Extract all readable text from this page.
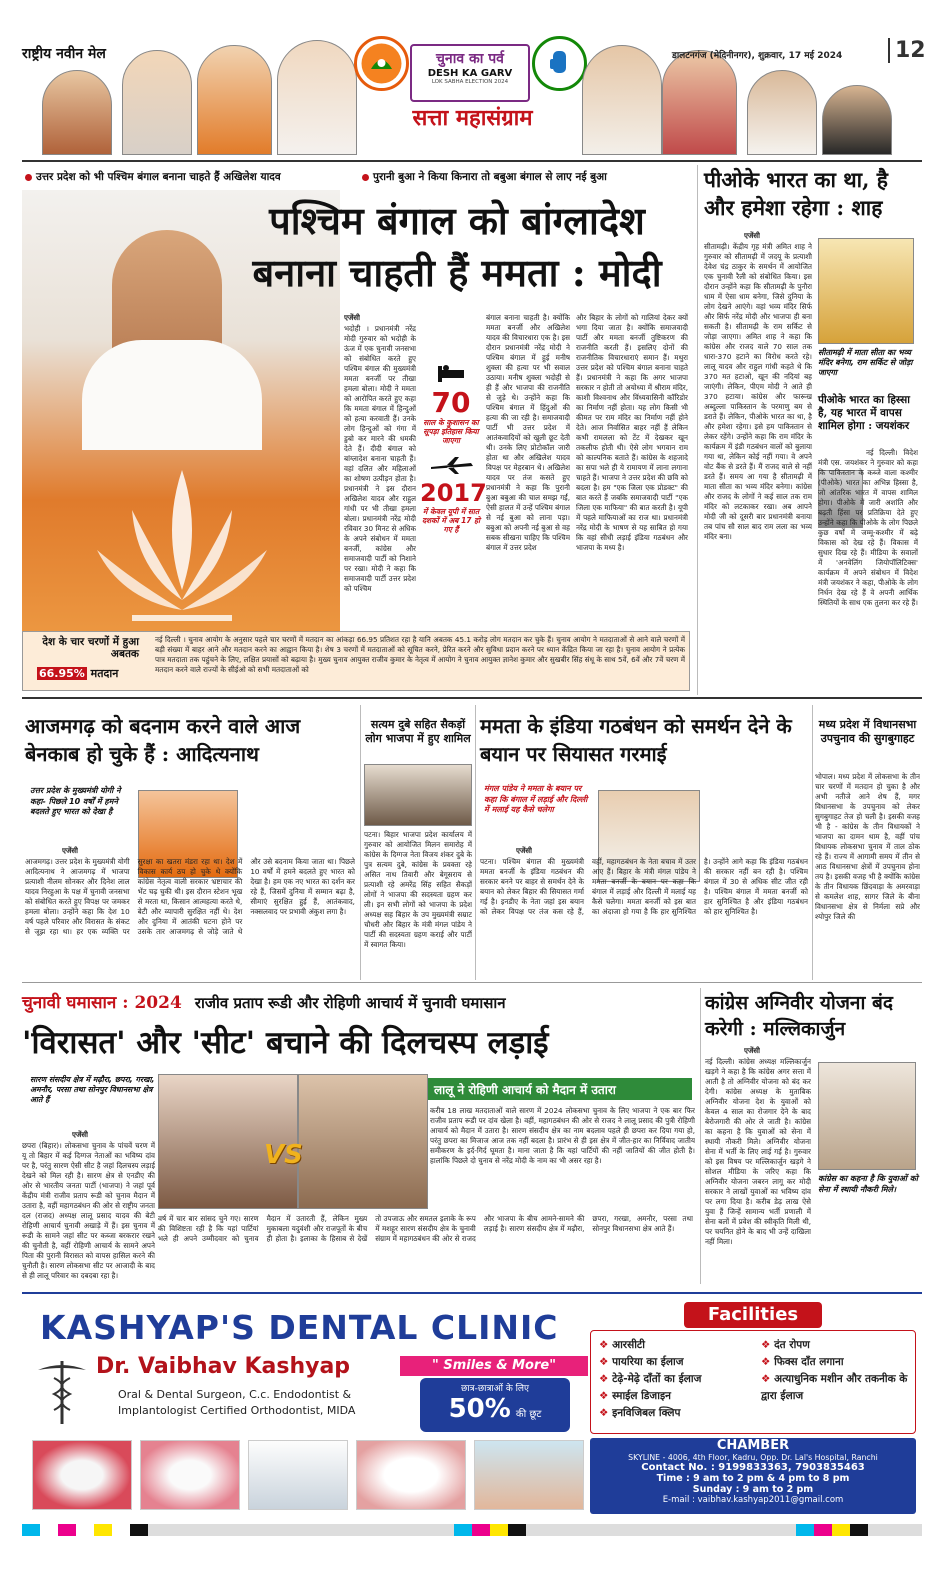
राष्ट्रीय नवीन मेल	चुनाव का पर्व
DESH KA GARV
LOK SABHA ELECTION 2024
सत्ता महासंग्राम
डालटनगंज (मेदिनीनगर), शुक्रवार, 17 मई 2024	12
उत्तर प्रदेश को भी पश्चिम बंगाल बनाना चाहते हैं अखिलेश यादव	पुरानी बुआ ने किया किनारा तो बबुआ बंगाल से लाए नई बुआ
पश्चिम बंगाल को बांग्लादेश
बनाना चाहती हैं ममता : मोदी
एजेंसी
भदोही । प्रधानमंत्री नरेंद्र मोदी गुरुवार को भदोही के ऊंज में एक चुनावी जनसभा को संबोधित करते हुए पश्चिम बंगाल की मुख्यमंत्री ममता बनर्जी पर तीखा हमला बोला। मोदी ने ममता को आरोपित करते हुए कहा कि ममता बंगाल में हिन्दुओं को हत्या करवाती हैं। उनके लोग हिन्दुओं को गंगा में डुबो कर मारने की धमकी देते हैं। दीदी बंगाल को बांग्लादेश बनाना चाहती हैं। वहां दलित और महिलाओं का शोषण उत्पीड़न होता है। प्रधानमंत्री ने इस दौरान अखिलेश यादव और राहुल गांधी पर भी तीखा हमला बोला। प्रधानमंत्री नरेंद्र मोदी रविवार 30 मिनट से अधिक के अपने संबोधन में ममता बनर्जी, कांग्रेस और समाजवादी पार्टी को निशाने पर रखा। मोदी ने कहा कि समाजवादी पार्टी उत्तर प्रदेश को पश्चिम
70
साल के कुशासन का सूपड़ा इतिहास किया जाएगा
2017
में केवल यूपी में सात दशकों में अब 17 हो गए हैं
बंगाल बनाना चाहती है। क्योंकि ममता बनर्जी और अखिलेश यादव की विचारधारा एक है। इस दौरान प्रधानमंत्री नरेंद्र मोदी ने पश्चिम बंगाल में हुई मनीष शुक्ला की हत्या पर भी सवाल उठाया। मनीष शुक्ला भदोही से ही हैं और भाजपा की राजनीति से जुड़े थे। उन्होंने कहा कि पश्चिम बंगाल में हिंदुओं की हत्या की जा रही है। समाजवादी पार्टी भी उत्तर प्रदेश में आतंकवादियों को खुली छूट देती थी। उनके लिए प्रोटोकॉल जारी होता था और अखिलेश यादव विपक्ष पर मेहरबान थे। अखिलेश यादव पर तंज कसते हुए प्रधानमंत्री ने कहा कि पुरानी बुआ बबुआ की चाल समझ गईं, ऐसी हालत में उन्हें पश्चिम बंगाल से नई बुआ को लाना पड़ा। बबुआ को अपनी नई बुआ से वह सबक सीखना चाहिए कि पश्चिम बंगाल में उत्तर प्रदेश
और बिहार के लोगों को गालियां देकर क्यों भगा दिया जाता है। क्योंकि समाजवादी पार्टी और ममता बनर्जी तुष्टिकरण की राजनीति करती हैं। इसलिए दोनों की राजनीतिक विचारधाराएं समान हैं। मथुरा उत्तर प्रदेश को पश्चिम बंगाल बनाना चाहते हैं। प्रधानमंत्री ने कहा कि अगर भाजपा सरकार न होती तो अयोध्या में श्रीराम मंदिर, काशी विश्वनाथ और विंध्यवासिनी कॉरिडोर का निर्माण नहीं होता। यह लोग किसी भी कीमत पर राम मंदिर का निर्माण नहीं होने देते। आज निर्वासित बाहर नहीं हैं लेकिन कभी रामलला को टेंट में देखकर खून तकलीफ होती थी। ऐसे लोग भगवान राम को काल्पनिक बताते हैं। कांग्रेस के शहजादे का सपा भले ही ये रामायण में लाना लगाना चाहते हैं। भाजपा ने उत्तर प्रदेश की छवि को बदला है। हम "एक जिला एक प्रोडक्ट" की बात करते हैं जबकि समाजवादी पार्टी "एक जिला एक माफिया" की बात करती है। यूपी में पहले माफियाओं का राज था। प्रधानमंत्री नरेंद्र मोदी के भाषण से यह साबित हो गया कि वहां सीधी लड़ाई इंडिया गठबंधन और भाजपा के मध्य है।
देश के चार चरणों में हुआ अबतक
66.95% मतदान
नई दिल्ली । चुनाव आयोग के अनुसार पहले चार चरणों में मतदान का आंकड़ा 66.95 प्रतिशत रहा है यानि अबतक 45.1 करोड़ लोग मतदान कर चुके हैं। चुनाव आयोग ने मतदाताओं से आने वाले चरणों में बड़ी संख्या में बाहर आने और मतदान करने का आह्वान किया है। शेष 3 चरणों में मतदाताओं को सूचित करने, प्रेरित करने और सुविधा प्रदान करने पर ध्यान केंद्रित किया जा रहा है। चुनाव आयोग ने प्रत्येक पात्र मतदाता तक पहुंचने के लिए, लक्षित प्रयासों को बढ़ाया है। मुख्य चुनाव आयुक्त राजीव कुमार के नेतृत्व में आयोग ने चुनाव आयुक्त ज्ञानेश कुमार और सुखबीर सिंह संधू के साथ 5वें, 6वें और 7वें चरण में मतदान करने वाले राज्यों के सीईओ को सभी मतदाताओं को
पीओके भारत का था, है और हमेशा रहेगा : शाह
एजेंसी
सीतामढ़ी। केंद्रीय गृह मंत्री अमित शाह ने गुरुवार को सीतामढ़ी में जदयू के प्रत्याशी देवेश चंद्र ठाकुर के समर्थन में आयोजित एक चुनावी रैली को संबोधित किया। इस दौरान उन्होंने कहा कि सीतामढ़ी के पुनौरा धाम में ऐसा धाम बनेगा, जिसे दुनिया के लोग देखने आएंगे। वहां भव्य मंदिर सिर्फ और सिर्फ नरेंद्र मोदी और भाजपा ही बना सकती है। सीतामढ़ी के राम सर्किट से जोड़ा जाएगा। अमित शाह ने कहा कि कांग्रेस और राजद वाले 70 साल तक धारा-370 हटाने का विरोध करते रहे। लालू यादव और राहुल गांधी कहते थे कि 370 मत हटाओ, खून की नदियां बह जाएंगी। लेकिन, पीएम मोदी ने आते ही 370 हटाया। कांग्रेस और फारूख अब्दुल्ला पाकिस्तान के परमाणु बम से डराते हैं। लेकिन, पीओके भारत का था, है और हमेशा रहेगा। इसे हम पाकिस्तान से लेकर रहेंगे। उन्होंने कहा कि राम मंदिर के कार्यक्रम में इंडी गठबंधन वालों को बुलाया गया था, लेकिन कोई नहीं गया। वे अपने वोट बैंक से डरते हैं। मैं राजद वाले से नहीं डरते हैं। समय आ गया है सीतामढ़ी में माता सीता का भव्य मंदिर बनेगा। कांग्रेस और राजद के लोगों ने कई साल तक राम मंदिर को लटकाकर रखा। अब आपने मोदी जी को दूसरी बार प्रधानमंत्री बनाया तब पांच सौ साल बाद राम लला का भव्य मंदिर बना।
सीतामढ़ी में माता सीता का भव्य मंदिर बनेगा, राम सर्किट से जोड़ा जाएगा
पीओके भारत का हिस्सा है, यह भारत में वापस शामिल होगा : जयशंकर
नई दिल्ली। विदेश मंत्री एस. जयशंकर ने गुरुवार को कहा कि पाकिस्तान के कब्जे वाला कश्मीर (पीओके) भारत का अभिन्न हिस्सा है, जो आंतरिक भारत में वापस शामिल होगा। पीओके में जारी अशांति और बढ़ती हिंसा पर प्रतिक्रिया देते हुए उन्होंने कहा कि पीओके के लोग पिछले कुछ वर्षों में जम्मू-कश्मीर में बढ़े विकास को देख रहे हैं। विकास में सुधार दिख रहे हैं। मीडिया के सवालों में 'अनवेलिंग जियोपॉलिटिक्स' कार्यक्रम में अपने संबोधन में विदेश मंत्री जयशंकर ने कहा, पीओके के लोग निर्धन देख रहे हैं वे अपनी आर्थिक स्थितियों के साथ एक तुलना कर रहे हैं।
आजमगढ़ को बदनाम करने वाले आज बेनकाब हो चुके हैं : आदित्यनाथ
उत्तर प्रदेश के मुख्यमंत्री योगी ने कहा- पिछले 10 वर्षों में हमने बदलते हुए भारत को देखा है
एजेंसी
आजमगढ़। उत्तर प्रदेश के मुख्यमंत्री योगी आदित्यनाथ ने आजमगढ़ में भाजपा प्रत्याशी नीलम सोनकर और दिनेश लाल यादव निरहुआ के पक्ष में चुनावी जनसभा को संबोधित करते हुए विपक्ष पर जमकर हमला बोला। उन्होंने कहा कि देश 10 वर्ष पहले परिवार और विरासत के संकट से जूझ रहा था। हर एक व्यक्ति पर सुरक्षा का खतरा मंडरा रहा था। देश में विकास कार्य ठप हो चुके थे क्योंकि कांग्रेस नेतृत्व वाली सरकार भ्रष्टाचार की भेंट चढ़ चुकी थी। इस दौरान स्टेशन भूख से मरता था, किसान आत्महत्या करते थे, बेटी और व्यापारी सुरक्षित नहीं थे। देश और दुनिया में आतंकी घटना होने पर उसके तार आजमगढ़ से जोड़े जाते थे और उसे बदनाम किया जाता था। पिछले 10 वर्षों में हमने बदलते हुए भारत को देखा है। हम एक नए भारत का दर्शन कर रहे हैं, जिसमें दुनिया में सम्मान बढ़ा है, सीमाएं सुरक्षित हुई हैं, आतंकवाद, नक्सलवाद पर प्रभावी अंकुश लगा है।
सत्यम दुबे सहित सैकड़ों लोग भाजपा में हुए शामिल
पटना। बिहार भाजपा प्रदेश कार्यालय में गुरुवार को आयोजित मिलन समारोह में कांग्रेस के दिग्गज नेता विजय शंकर दुबे के पुत्र सत्यम दुबे, कांग्रेस के प्रवक्ता रहे असित नाथ तिवारी और बेगूसराय से प्रत्याशी रहे अमरेंद्र सिंह सहित सैकड़ों लोगों ने भाजपा की सदस्यता ग्रहण कर ली। इन सभी लोगों को भाजपा के प्रदेश अध्यक्ष सह बिहार के उप मुख्यमंत्री सम्राट चौधरी और बिहार के मंत्री मंगल पांडेय ने पार्टी की सदस्यता ग्रहण कराई और पार्टी में स्वागत किया।
ममता के इंडिया गठबंधन को समर्थन देने के बयान पर सियासत गरमाई
मंगल पांडेय ने ममता के बयान पर कहा कि बंगाल में लड़ाई और दिल्ली में मलाई यह कैसे चलेगा
एजेंसी
पटना। पश्चिम बंगाल की मुख्यमंत्री ममता बनर्जी के इंडिया गठबंधन की सरकार बनने पर बाहर से समर्थन देने के बयान को लेकर बिहार की सियासत गर्मा गई है। इनडीए के नेता जहां इस बयान को लेकर विपक्ष पर तंज कस रहे हैं, वहीं, महागठबंधन के नेता बचाव में उतर आए हैं। बिहार के मंत्री मंगल पांडेय ने ममता बनर्जी के बयान पर कहा कि बंगाल में लड़ाई और दिल्ली में मलाई यह कैसे चलेगा। ममता बनर्जी को इस बात का अंदाजा हो गया है कि हार सुनिश्चित है। उन्होंने आगे कहा कि इंडिया गठबंधन की सरकार नहीं बन रही है। पश्चिम बंगाल में 30 से अधिक सीट जीत रही है। पश्चिम बंगाल में ममता बनर्जी को हार सुनिश्चित है और इंडिया गठबंधन को हार सुनिश्चित है।
मध्य प्रदेश में विधानसभा उपचुनाव की सुगबुगाहट
भोपाल। मध्य प्रदेश में लोकसभा के तीन चार चरणों में मतदान हो चुका है और अभी नतीजे आने शेष हैं, मगर विधानसभा के उपचुनाव को लेकर सुगबुगाहट तेज हो चली है। इसकी वजह भी है - कांग्रेस के तीन विधायकों ने भाजपा का दामन थाम है, वहीं पांच विधायक लोकसभा चुनाव में ताल ठोक रहे हैं। राज्य में आगामी समय में तीन से आठ विधानसभा क्षेत्रों में उपचुनाव होना तय है। इसकी वजह भी है क्योंकि कांग्रेस के तीन विधायक छिंदवाड़ा के अमरवाड़ा से कमलेश शाह, सागर जिले के बीना विधानसभा क्षेत्र से निर्मला सप्रे और श्योपुर जिले की
चुनावी घमासान : 2024 राजीव प्रताप रूडी और रोहिणी आचार्य में चुनावी घमासान
'विरासत' और 'सीट' बचाने की दिलचस्प लड़ाई
सारण संसदीय क्षेत्र में मढ़ौरा, छपरा, गरखा, अमनौर, परसा तथा सोनपुर विधानसभा क्षेत्र आते हैं
एजेंसी
छपरा (बिहार)। लोकसभा चुनाव के पांचवें चरण में यू तो बिहार में कई दिग्गज नेताओं का भविष्य दांव पर है, परंतु सारण ऐसी सीट है जहां दिलचस्प लड़ाई देखने को मिल रही है। सारण क्षेत्र से एनडीए की ओर से भारतीय जनता पार्टी (भाजपा) ने जहां पूर्व केंद्रीय मंत्री राजीव प्रताप रूडी को चुनाव मैदान में उतारा है, वहीं महागठबंधन की ओर से राष्ट्रीय जनता दल (राजद) अध्यक्ष लालू प्रसाद यादव की बेटी रोहिणी आचार्य चुनावी अखाड़े में हैं। इस चुनाव में रूडी के सामने जहां सीट पर कब्जा बरकरार रखने की चुनौती है, वहीं रोहिणी आचार्य के सामने अपने पिता की पुरानी विरासत को वापस हासिल करने की चुनौती है। सारण लोकसभा सीट पर आजादी के बाद से ही लालू परिवार का दबदबा रहा है।
VS
लालू ने रोहिणी आचार्य को मैदान में उतारा
करीब 18 लाख मतदाताओं वाले सारण में 2024 लोकसभा चुनाव के लिए भाजपा ने एक बार फिर राजीव प्रताप रूडी पर दांव खेला है। वहीं, महागठबंधन की ओर से राजद ने लालू प्रसाद की पुत्री रोहिणी आचार्य को मैदान में उतारा है। सारण संसदीय क्षेत्र का नाम बदलाव पहले ही छपरा कर दिया गया हो, परंतु छपरा का मिजाज आज तक नहीं बदला है। प्रारंभ से ही इस क्षेत्र में जीत-हार का निर्विवाद जातीय समीकरण के इर्द-गिर्द घूमता है। माना जाता है कि यहां पार्टियों की नहीं जातियों की जीत होती है। हालांकि पिछले दो चुनाव से नरेंद्र मोदी के नाम का भी असर रहा है।
वर्ष में चार बार सांसद चुने गए। सारण की विशिष्टता रही है कि यहां पार्टियां भले ही अपने उम्मीदवार को चुनाव मैदान में उतारती हैं, लेकिन मुख्य मुकाबला यदुवंशी और राजपूतों के बीच ही होता है। इलाका के हिसाब से देखें तो उपजाऊ और समतल इलाके के रूप में मशहूर सारण संसदीय क्षेत्र के चुनावी संग्राम में महागठबंधन की ओर से राजद और भाजपा के बीच आमने-सामने की लड़ाई है। सारण संसदीय क्षेत्र में मढ़ौरा, छपरा, गरखा, अमनौर, परसा तथा सोनपुर विधानसभा क्षेत्र आते हैं।
कांग्रेस अग्निवीर योजना बंद करेगी : मल्लिकार्जुन
एजेंसी
नई दिल्ली। कांग्रेस अध्यक्ष मल्लिकार्जुन खड़गे ने कहा है कि कांग्रेस अगर सत्ता में आती है तो अग्निवीर योजना को बंद कर देगी। कांग्रेस अध्यक्ष के मुताबिक अग्निवीर योजना देश के युवाओं को केवल 4 साल का रोजगार देने के बाद बेरोजगारी की ओर ले जाती है। कांग्रेस का कहना है कि युवाओं को सेना में स्थायी नौकरी मिले। अग्निवीर योजना सेना में भर्ती के लिए लाई गई है। गुरुवार को इस विषय पर मल्लिकार्जुन खड़गे ने सोशल मीडिया के जरिए कहा कि अग्निवीर योजना जबरन लागू कर मोदी सरकार ने लाखों युवाओं का भविष्य दांव पर लगा दिया है। करीब डेढ़ लाख ऐसे युवा हैं जिन्हें सामान्य भर्ती प्रणाली में सेना बलों में प्रवेश की स्वीकृति मिली थी, पर चयनित होने के बाद भी उन्हें दाखिला नहीं मिला।
कांग्रेस का कहना है कि युवाओं को सेना में स्थायी नौकरी मिले।
KASHYAP'S DENTAL CLINIC
Dr. Vaibhav Kashyap
Oral & Dental Surgeon, C.c. Endodontist &
Implantologist Certified Orthodontist, MIDA
" Smiles & More"
छात्र-छात्राओं के लिए
50% की छूट
Facilities
❖ आरसीटी
❖ पायरिया का ईलाज
❖ टेढ़े-मेढ़े दाँतों का ईलाज
❖ स्माईल डिजाइन
❖ इनविजिबल क्लिप
❖ दंत रोपण
❖ फिक्स दाँत लगाना
❖ अत्याधुनिक मशीन और तकनीक के द्वारा ईलाज
CHAMBER
SKYLINE - 4006, 4th Floor, Kadru, Opp. Dr. Lal's Hospital, Ranchi
Contact No. : 9199833363, 7903835463
Time : 9 am to 2 pm & 4 pm to 8 pm
Sunday : 9 am to 2 pm
E-mail : vaibhav.kashyap2011@gmail.com
